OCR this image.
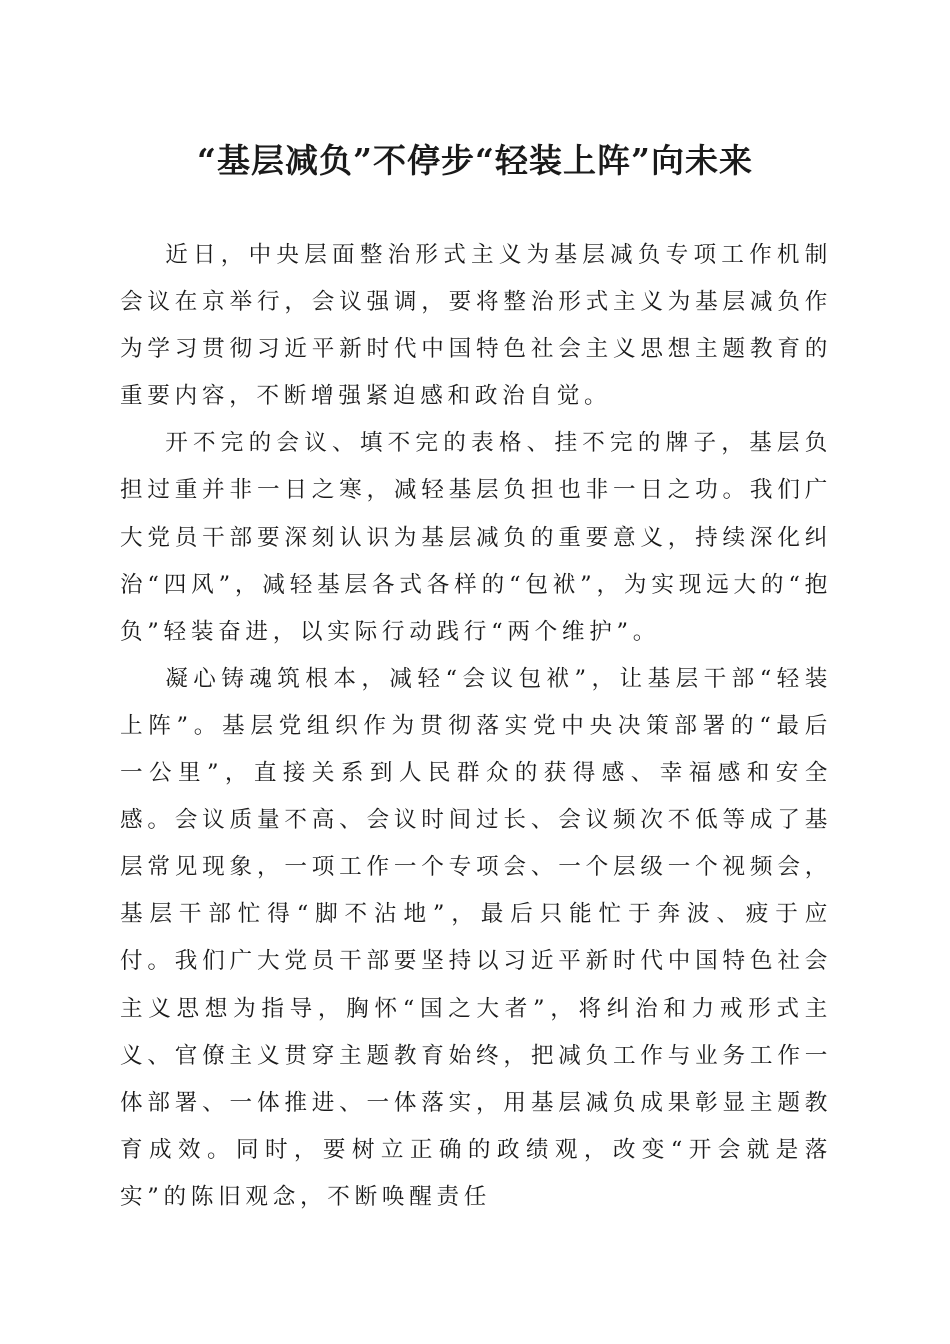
“基层减负”不停步“轻装上阵”向未来

近日，中央层面整治形式主义为基层减负专项工作机制会议在京举行，会议强调，要将整治形式主义为基层减负作为学习贯彻习近平新时代中国特色社会主义思想主题教育的重要内容，不断增强紧迫感和政治自觉。

开不完的会议、填不完的表格、挂不完的牌子，基层负担过重并非一日之寒，减轻基层负担也非一日之功。我们广大党员干部要深刻认识为基层减负的重要意义，持续深化纠治“四风”，减轻基层各式各样的“包袱”，为实现远大的“抱负”轻装奋进，以实际行动践行“两个维护”。

凝心铸魂筑根本，减轻“会议包袱”，让基层干部“轻装上阵”。基层党组织作为贯彻落实党中央决策部署的“最后一公里”，直接关系到人民群众的获得感、幸福感和安全感。会议质量不高、会议时间过长、会议频次不低等成了基层常见现象，一项工作一个专项会、一个层级一个视频会，基层干部忙得“脚不沾地”，最后只能忙于奔波、疲于应付。我们广大党员干部要坚持以习近平新时代中国特色社会主义思想为指导，胸怀“国之大者”，将纠治和力戒形式主义、官僚主义贯穿主题教育始终，把减负工作与业务工作一体部署、一体推进、一体落实，用基层减负成果彰显主题教育成效。同时，要树立正确的政绩观，改变“开会就是落实”的陈旧观念，不断唤醒责任
